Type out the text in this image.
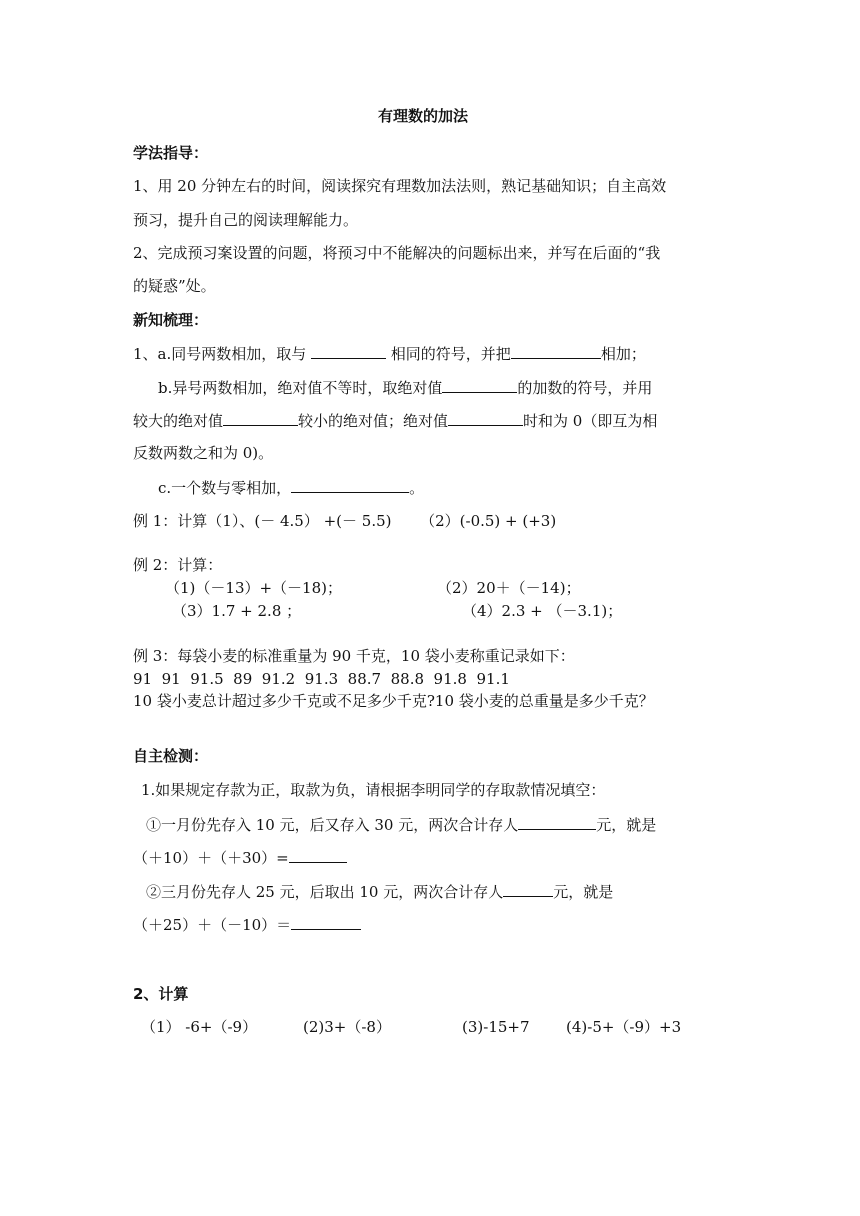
有理数的加法
学法指导：
1、用 20 分钟左右的时间，阅读探究有理数加法法则，熟记基础知识；自主高效
预习，提升自己的阅读理解能力。
2、完成预习案设置的问题，将预习中不能解决的问题标出来，并写在后面的“我
的疑惑”处。
新知梳理：
1、a.同号两数相加，取与	相同的符号，并把	相加；
b.异号两数相加，绝对值不等时，取绝对值	的加数的符号，并用
较大的绝对值	较小的绝对值；绝对值	时和为 0（即互为相
反数两数之和为 0)。
c.一个数与零相加，	。
例 1：计算（1）、(－ 4.5） +(－ 5.5)      （2）(-0.5) + (+3)
例 2：计算：
（1)（－13）+（－18)；	（2）20＋（－14)；
（3）1.7 + 2.8 ；	（4）2.3 + （－3.1)；
例 3：每袋小麦的标准重量为 90 千克，10 袋小麦称重记录如下：
91  91  91.5  89  91.2  91.3  88.7  88.8  91.8  91.1
10 袋小麦总计超过多少千克或不足多少千克?10 袋小麦的总重量是多少千克？
自主检测：
1.如果规定存款为正，取款为负，请根据李明同学的存取款情况填空：
①一月份先存入 10 元，后又存入 30 元，两次合计存人	元，就是
（＋10）＋（＋30）=
②三月份先存人 25 元，后取出 10 元，两次合计存人	元，就是
（＋25）＋（－10）＝
2、计算
（1） -6+（-9）	(2)3+（-8）	(3)-15+7 (4)-5+（-9）+3
